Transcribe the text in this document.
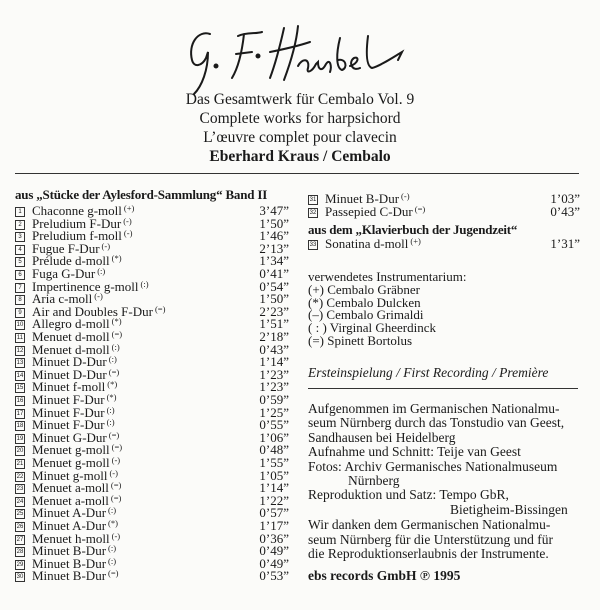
Das Gesamtwerk für Cembalo Vol. 9
Complete works for harpsichord
L’œuvre complet pour clavecin
Eberhard Kraus / Cembalo
aus „Stücke der Aylesford-Sammlung“ Band II
1 Chaconne g-moll (+)	3’47”
2 Preludium F-Dur (-)	1’50”
3 Preludium f-moll (-)	1’46”
4 Fugue F-Dur (-)	2’13”
5 Prélude d-moll (*)	1’34”
6 Fuga G-Dur (:)	0’41”
7 Impertinence g-moll (:)	0’54”
8 Aria c-moll (-)	1’50”
9 Air and Doubles F-Dur (=)	2’23”
10 Allegro d-moll (*)	1’51”
11 Menuet d-moll (=)	2’18”
12 Menuet d-moll (:)	0’43”
13 Minuet D-Dur (:)	1’14”
14 Minuet D-Dur (=)	1’23”
15 Minuet f-moll (*)	1’23”
16 Minuet F-Dur (*)	0’59”
17 Minuet F-Dur (:)	1’25”
18 Minuet F-Dur (:)	0’55”
19 Minuet G-Dur (=)	1’06”
20 Menuet g-moll (=)	0’48”
21 Menuet g-moll (-)	1’55”
22 Minuet g-moll (-)	1’05”
23 Menuet a-moll (=)	1’14”
24 Menuet a-moll (=)	1’22”
25 Minuet A-Dur (:)	0’57”
26 Minuet A-Dur (*)	1’17”
27 Menuet h-moll (-)	0’36”
28 Minuet B-Dur (:)	0’49”
29 Minuet B-Dur (:)	0’49”
30 Minuet B-Dur (=)	0’53”
31 Minuet B-Dur (-)	1’03”
32 Passepied C-Dur (=)	0’43”
33 Sonatina d-moll (+)	1’31”
aus dem „Klavierbuch der Jugendzeit“
verwendetes Instrumentarium:
(+) Cembalo Gräbner
(*) Cembalo Dulcken
(–) Cembalo Grimaldi
( : ) Virginal Gheerdinck
(=) Spinett Bortolus
Ersteinspielung / First Recording / Première
Aufgenommen im Germanischen Nationalmu-
seum Nürnberg durch das Tonstudio van Geest,
Sandhausen bei Heidelberg
Aufnahme und Schnitt: Teije van Geest
Fotos: Archiv Germanisches Nationalmuseum
Nürnberg
Reproduktion und Satz: Tempo GbR,
Bietigheim-Bissingen
Wir danken dem Germanischen Nationalmu-
seum Nürnberg für die Unterstützung und für
die Reproduktionserlaubnis der Instrumente.
ebs records GmbH ℗ 1995
